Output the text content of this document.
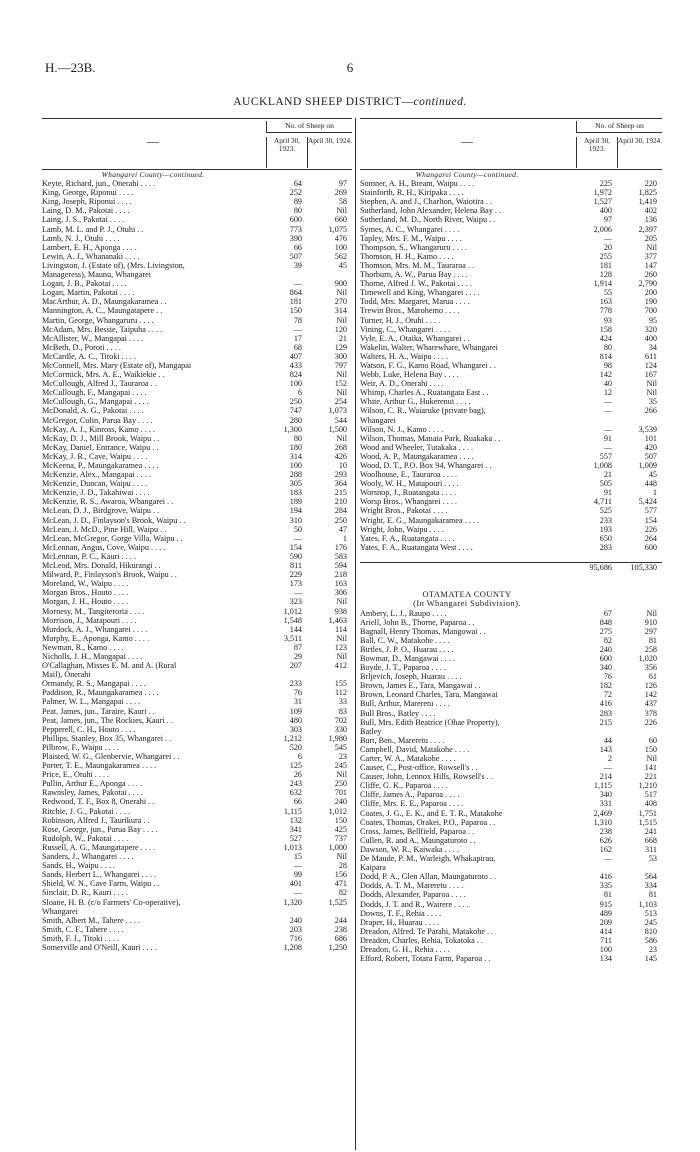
H.—23B.	6
AUCKLAND SHEEP DISTRICT—continued.
—
No. of Sheep on
April 30, 1923.
April 30, 1924.
Whangarei County—continued.
Keyte, Richard, jun., Onerahi . . . .	64	97
King, George, Riponui . . . .	252	269
King, Joseph, Riponui . . . .	89	58
Laing, D. M., Pakotai . . . .	80	Nil
Laing, J. S., Pakotai . . . .	600	660
Lamb, M. L. and P. J., Otuhi . .	773	1,075
Lamb, N. J., Otuhi . . . .	390	476
Lambert, E. H., Aponga . . . .	66	100
Lewin, A. J., Whananaki . . . .	507	562
Livingston, J. (Estate of), (Mrs. Livingston,	39	45
Manageress), Maunu, Whangarei
Logan, J. B., Pakotai . . . .	—	900
Logan, Martin, Pakotai . . . .	864	Nil
MacArthur, A. D., Maungakaramea . .	181	270
Mannington, A. C., Maungatapere . .	150	314
Martin, George, Whangaruru . . . .	78	Nil
McAdam, Mrs. Bessie, Taipuha . . . .	—	120
McAllister, W., Mangapai . . . .	17	21
McBeth, D., Poroti . . . .	68	129
McCardle, A. C., Titoki . . . .	407	300
McConnell, Mrs. Mary (Estate of), Mangapai	433	797
McCormick, Mrs. A. E., Waikiekie . .	824	Nil
McCullough, Alfred J., Tauraroa . .	100	152
McCullough, F., Mangapai . . . .	6	Nil
McCullough, G., Mangapai . . . .	250	254
McDonald, A. G., Pakotai . . . .	747	1,073
McGregor, Colin, Parua Bay . . . .	280	544
McKay, A. J., Kinross, Kamo . . . .	1,300	1,500
McKay, D. J., Mill Brook, Waipu . .	80	Nil
McKay, Daniel, Entrance, Waipu . .	180	268
McKay, J. R., Cave, Waipu . . . .	314	426
McKeena, P., Maungakaramea . . . .	100	10
McKenzie, Alex., Mangapai . . . .	288	293
McKenzie, Duncan, Waipu . . . .	305	364
McKenzie, J. D., Takahiwai . . . .	183	215
McKenzie, R. S., Awaroa, Whangarei . .	189	210
McLean, D. J., Birdgrove, Waipu . .	194	284
McLean, J. D., Finlayson's Brook, Waipu . .	310	250
McLean, J. McD., Pine Hill, Waipu . .	50	47
McLean, McGregor, Gorge Villa, Waipu . .	—	1
McLennan, Angus, Cove, Waipu . . . .	154	176
McLennan, P. C., Kauri . . . .	590	583
McLeod, Mrs. Donald, Hikurangi . .	811	594
Milward, P., Finlayson's Brook, Waipu . .	229	218
Moreland, W., Waipu . . . .	173	163
Morgan Bros., Houto . . . .	—	306
Morgan, J. H., Houto . . . .	323	Nil
Mornesy, M., Tangiteroria . . . .	1,012	938
Morrison, J., Matapouri . . . .	1,548	1,463
Murdock, A. J., Whangarei . . . .	144	114
Murphy, E., Aponga, Kamo . . . .	3,511	Nil
Newman, R., Kamo . . . .	87	123
Nicholls, J. H., Mangapai . . . .	29	Nil
O'Callaghan, Misses E. M. and A. (Rural	207	412
Mail), Onerahi
Ormandy, R. S., Mangapai . . . .	233	155
Paddison, R., Maungakaramea . . . .	76	112
Palmer, W. L., Mangapai . . . .	31	33
Peat, James, jun., Taraire, Kauri . .	109	83
Peat, James, jun., The Rockies, Kauri . .	480	702
Pepperell, C. H., Houto . . . .	303	330
Phillips, Stanley, Box 35, Whangarei . .	1,212	1,980
Pilbrow, F., Waipu . . . .	520	545
Plaisted, W. G., Glenbervie, Whangarei . .	6	23
Porter, T. E., Maungakaramea . . . .	125	245
Price, E., Otuhi . . . .	26	Nil
Pullin, Arthur E., Aponga . . . .	243	250
Rawnsley, James, Pakotai . . . .	632	701
Redwood, T. F., Box 8, Onerahi . .	66	240
Ritchie, J. G., Pakotai . . . .	1,115	1,012
Robinson, Alfred J., Taurikura . .	132	150
Rose, George, jun., Parua Bay . . . .	341	425
Rudolph, W., Pakotai . . . .	527	737
Russell, A. G., Maungatapere . . . .	1,013	1,000
Sanders, J., Whangarei . . . .	15	Nil
Sands, H., Waipu . . . .	—	28
Sands, Herbert L., Whangarei . . . .	99	156
Shield, W. N., Cave Farm, Waipu . .	401	471
Sinclair, D. R., Kauri . . . .	—	82
Sloane, H. B. (c/o Farmers' Co-operative),	1,320	1,525
Whangarei
Smith, Albert M., Tahere . . . .	240	244
Smith, C. F., Tahere . . . .	203	238
Smith, F. J., Titoki . . . .	716	686
Somerville and O'Neill, Kauri . . . .	1,208	1,250
—
No. of Sheep on
April 30, 1923.
April 30, 1924.
Whangarei County—continued.
Somner, A. H., Bream, Waipu . . . .	225	220
Stainforth, R. H., Kiripaka . . . .	1,972	1,825
Stephen, A. and J., Charlton, Waiotira . .	1,527	1,419
Sutherland, John Alexander, Helena Bay . .	400	402
Sutherland, M. D., North River, Waipu . .	97	136
Symes, A. C., Whangarei . . . .	2,006	2,397
Tapley, Mrs. F. M., Waipu . . . .	—	205
Thompson, S., Whangaruru . . . .	20	Nil
Thomson, H. H., Kamo . . . .	255	377
Thomson, Mrs. M. M., Tauraroa . .	181	147
Thorburn, A. W., Parua Bay . . . .	128	260
Thorne, Alfred J. W., Pakotai . . . .	1,914	2,790
Timewell and King, Whangarei . . . .	55	200
Todd, Mrs. Margaret, Marua . . . .	163	190
Trewin Bros., Marohemo . . . .	778	700
Turner, H. J., Otuhi . . . .	93	95
Vining, C., Whangarei . . . .	158	320
Vyle, E. A., Otaika, Whangarei . .	424	400
Wakelin, Walter, Wharewhare, Whangarei	80	34
Walters, H. A., Waipu . . . .	814	611
Watson, F. G., Kamo Road, Whangarei . .	98	124
Webb, Luke, Helena Bay . . . .	142	167
Weir, A. D., Onerahi . . . .	40	Nil
Whimp, Charles A., Ruatangata East . .	12	Nil
White, Arthur G., Hukerenui . . . .	—	35
Wilson, C. R., Waiaruke (private bag),	—	266
Whangarei
Wilson, N. J., Kamo . . . .	—	3,539
Wilson, Thomas, Manaia Park, Ruakaka . .	91	101
Wood and Wheeler, Tutakaka . . . .	—	420
Wood, A. P., Maungakaramea . . . .	557	507
Wood, D. T., P.O. Box 94, Whangarei . .	1,008	1,009
Woolhouse, E., Tauraroa . . . .	21	45
Wooly, W. H., Matapouri . . . .	505	448
Worsnop, J., Ruatangata . . . .	91	1
Worsp Bros., Whangarei . . . .	4,711	5,424
Wright Bros., Pakotai . . . .	525	577
Wright, E. G., Maungakaramea . . . .	233	154
Wright, John, Waipu . . . .	193	226
Yates, F. A., Ruatangata . . . .	650	264
Yates, F. A., Ruatangata West . . . .	283	600
95,686	105,330
OTAMATEA COUNTY
(In Whangarei Subdivision).
Ambery, L. J., Raupo . . . .	67	Nil
Ariell, John B., Thorne, Paparoa . .	848	910
Bagnall, Henry Thomas, Mangowai . .	275	297
Ball, C. W., Matakohe . . . .	82	81
Birtles, J. P. O., Huarau . . . .	240	258
Bowmar, D., Mangawai . . . .	600	1,020
Boyde, J. T., Paparoa . . . .	340	356
Brljevich, Joseph, Huarau . . . .	76	61
Brown, James E., Tara, Mangawai . .	182	126
Brown, Leonard Charles, Tara, Mangawai	72	142
Bull, Arthur, Mareretu . . . .	416	437
Bull Bros., Batley . . . .	283	378
Bull, Mrs. Edith Beatrice (Ohae Property),	215	226
Batley
Burt, Ben., Mareretu . . . .	44	60
Campbell, David, Matakohe . . . .	143	150
Carter, W. A., Matakohe . . . .	2	Nil
Causer, C., Post-office, Rowsell's . .	—	141
Causer, John, Lennox Hills, Rowsell's . .	214	221
Cliffe, G. K., Paparoa . . . .	1,115	1,210
Cliffe, James A., Paparoa . . . .	340	517
Cliffe, Mrs. E. E., Paparoa . . . .	331	408
Coates, J. G., E. K., and E. T. R., Matakohe	2,469	1,751
Coates, Thomas, Orakei, P.O., Paparoa . .	1,310	1,515
Cross, James, Bellfield, Paparoa . .	238	241
Cullen, R. and A., Maungaturoto . .	626	668
Dawson, W. R., Kaiwaka . . . .	162	311
De Maude, P. M., Warleigh, Whakapirau,	—	53
Kaipara
Dodd, P. A., Glen Allan, Maungaturoto . .	416	564
Dodds, A. T. M., Mareretu . . . .	335	334
Dodds, Alexander, Paparoa . . . .	81	81
Dodds, J. T. and R., Wairere . . . .	915	1,103
Downs, T. F., Rehia . . . .	489	513
Draper, H., Huarau . . . .	209	245
Dreadon, Alfred. Te Parahi, Matakohe . .	414	810
Dreadon, Charles, Rehia, Tokatoka . .	711	586
Dreadon, G. H., Rehia . . . .	100	23
Efford, Robert, Totara Farm, Paparoa . .	134	145
